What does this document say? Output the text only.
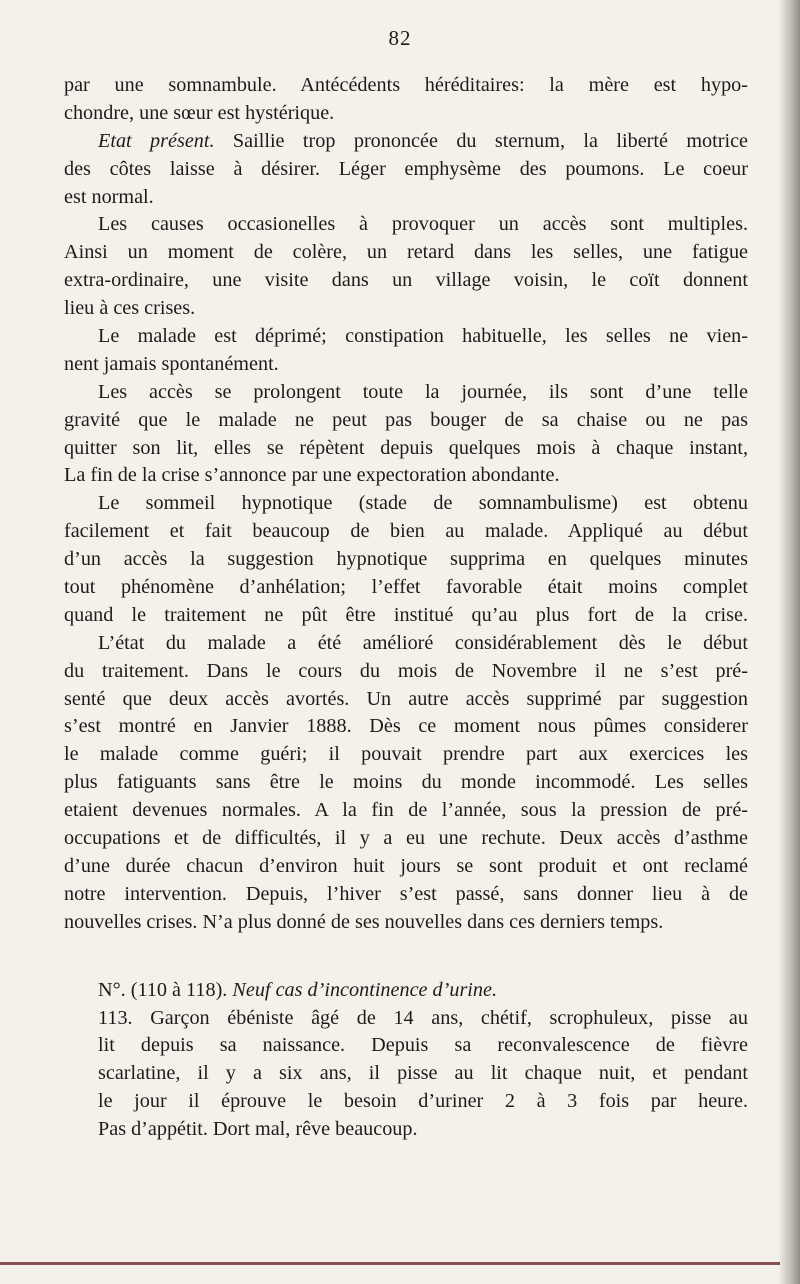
82
par une somnambule. Antécédents héréditaires: la mère est hypo-
chondre, une sœur est hystérique.
Etat présent. Saillie trop prononcée du sternum, la liberté motrice
des côtes laisse à désirer. Léger emphysème des poumons. Le coeur
est normal.
Les causes occasionelles à provoquer un accès sont multiples.
Ainsi un moment de colère, un retard dans les selles, une fatigue
extra-ordinaire, une visite dans un village voisin, le coït donnent
lieu à ces crises.
Le malade est déprimé; constipation habituelle, les selles ne vien-
nent jamais spontanément.
Les accès se prolongent toute la journée, ils sont d’une telle
gravité que le malade ne peut pas bouger de sa chaise ou ne pas
quitter son lit, elles se répètent depuis quelques mois à chaque instant,
La fin de la crise s’annonce par une expectoration abondante.
Le sommeil hypnotique (stade de somnambulisme) est obtenu
facilement et fait beaucoup de bien au malade. Appliqué au début
d’un accès la suggestion hypnotique supprima en quelques minutes
tout phénomène d’anhélation; l’effet favorable était moins complet
quand le traitement ne pût être institué qu’au plus fort de la crise.
L’état du malade a été amélioré considérablement dès le début
du traitement. Dans le cours du mois de Novembre il ne s’est pré-
senté que deux accès avortés. Un autre accès supprimé par suggestion
s’est montré en Janvier 1888. Dès ce moment nous pûmes considerer
le malade comme guéri; il pouvait prendre part aux exercices les
plus fatiguants sans être le moins du monde incommodé. Les selles
etaient devenues normales. A la fin de l’année, sous la pression de pré-
occupations et de difficultés, il y a eu une rechute. Deux accès d’asthme
d’une durée chacun d’environ huit jours se sont produit et ont reclamé
notre intervention. Depuis, l’hiver s’est passé, sans donner lieu à de
nouvelles crises. N’a plus donné de ses nouvelles dans ces derniers temps.
N°. (110 à 118). Neuf cas d’incontinence d’urine.
113. Garçon ébéniste âgé de 14 ans, chétif, scrophuleux, pisse au
lit depuis sa naissance. Depuis sa reconvalescence de fièvre
scarlatine, il y a six ans, il pisse au lit chaque nuit, et pendant
le jour il éprouve le besoin d’uriner 2 à 3 fois par heure.
Pas d’appétit. Dort mal, rêve beaucoup.
